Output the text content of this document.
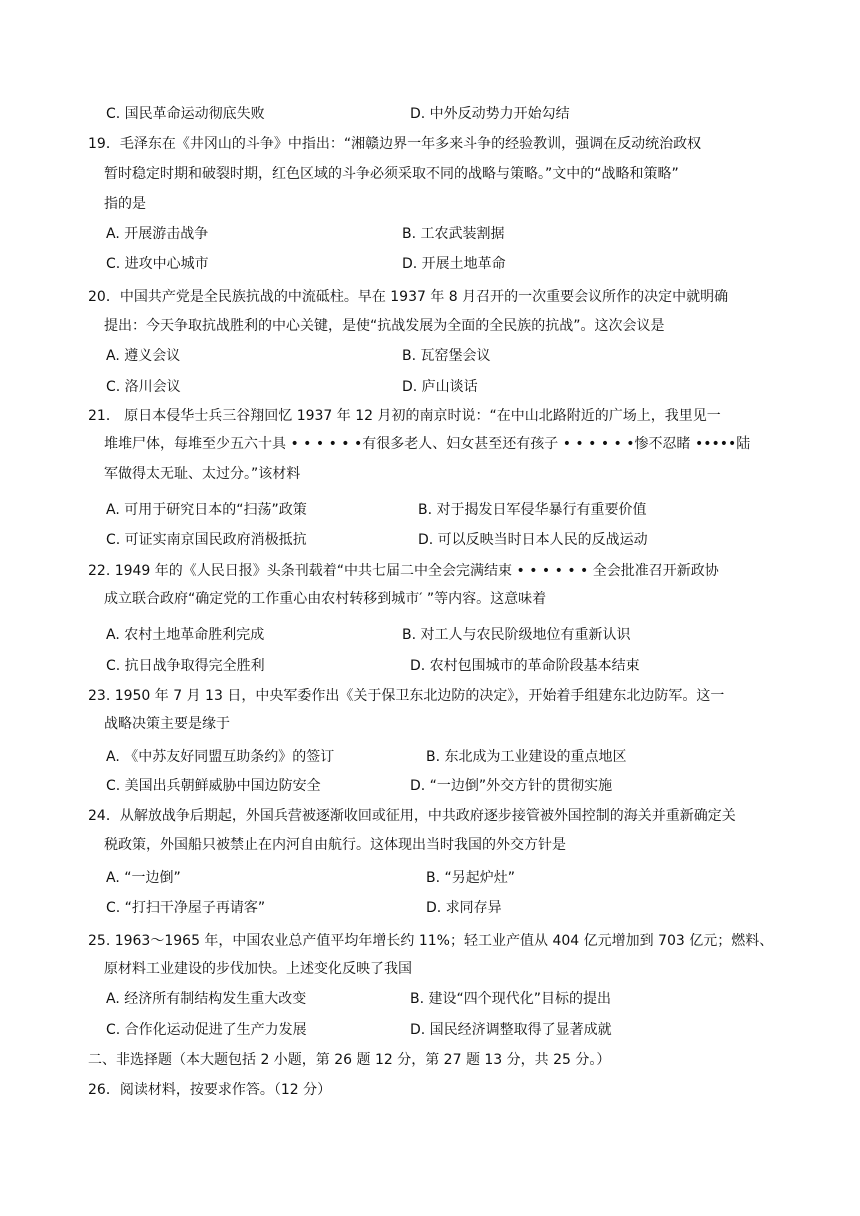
C. 国民革命运动彻底失败	D. 中外反动势力开始勾结
19．毛泽东在《井冈山的斗争》中指出：“湘赣边界一年多来斗争的经验教训，强调在反动统治政权
暂时稳定时期和破裂时期，红色区域的斗争必须采取不同的战略与策略。”文中的“战略和策略”
指的是
A. 开展游击战争	B. 工农武装割据
C. 进攻中心城市	D. 开展土地革命
20．中国共产党是全民族抗战的中流砥柱。早在 1937 年 8 月召开的一次重要会议所作的决定中就明确
提出：今天争取抗战胜利的中心关键，是使“抗战发展为全面的全民族的抗战”。这次会议是
A. 遵义会议	B. 瓦窑堡会议
C. 洛川会议	D. 庐山谈话
21． 原日本侵华士兵三谷翔回忆 1937 年 12 月初的南京时说：“在中山北路附近的广场上，我里见一
堆堆尸体，每堆至少五六十具 • • • • • •有很多老人、妇女甚至还有孩子 • • • • • •惨不忍睹 •••••陆
军做得太无耻、太过分。”该材料
A. 可用于研究日本的“扫荡”政策	B. 对于揭发日军侵华暴行有重要价值
C. 可证实南京国民政府消极抵抗	D. 可以反映当时日本人民的反战运动
22. 1949 年的《人民日报》头条刊载着“中共七届二中全会完满结束 • • • • • • 全会批准召开新政协
成立联合政府“确定党的工作重心由农村转移到城市′ ”等内容。这意味着
A. 农村土地革命胜利完成	B. 对工人与农民阶级地位有重新认识
C. 抗日战争取得完全胜利	D. 农村包围城市的革命阶段基本结束
23. 1950 年 7 月 13 日，中央军委作出《关于保卫东北边防的决定》，开始着手组建东北边防军。这一
战略决策主要是缘于
A. 《中苏友好同盟互助条约》的签订	B. 东北成为工业建设的重点地区
C. 美国出兵朝鲜威胁中国边防安全	D. “一边倒”外交方针的贯彻实施
24．从解放战争后期起，外国兵营被逐渐收回或征用，中共政府逐步接管被外国控制的海关并重新确定关
税政策，外国船只被禁止在内河自由航行。这体现出当时我国的外交方针是
A. “一边倒”	B. “另起炉灶”
C. “打扫干净屋子再请客”	D. 求同存异
25. 1963～1965 年，中国农业总产值平均年增长约 11%；轻工业产值从 404 亿元增加到 703 亿元；燃料、
原材料工业建设的步伐加快。上述变化反映了我国
A. 经济所有制结构发生重大改变	B. 建设“四个现代化”目标的提出
C. 合作化运动促进了生产力发展	D. 国民经济调整取得了显著成就
二、非选择题（本大题包括 2 小题，第 26 题 12 分，第 27 题 13 分，共 25 分。）
26．阅读材料，按要求作答。（12 分）
